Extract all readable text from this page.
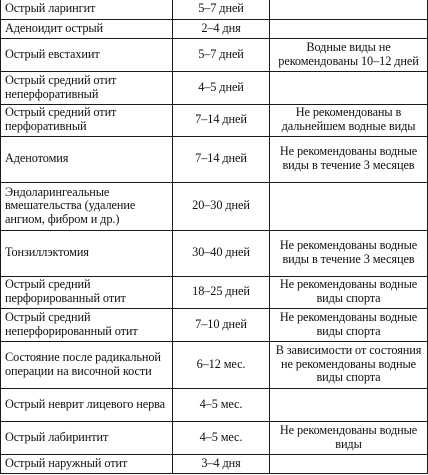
Острый ларингит	5–7 дней	
Аденоидит острый	2–4 дня	
Острый евстахиит	5–7 дней	Водные виды не рекомендованы 10–12 дней
Острый средний отит неперфоративный	4–5 дней	
Острый средний отит перфоративный	7–14 дней	Не рекомендованы в дальнейшем водные виды
Аденотомия	7–14 дней	Не рекомендованы водные виды в течение 3 месяцев
Эндоларингеальные вмешательства (удаление ангиом, фибром и др.)	20–30 дней	
Тонзиллэктомия	30–40 дней	Не рекомендованы водные виды в течение 3 месяцев
Острый средний перфорированный отит	18–25 дней	Не рекомендованы водные виды спорта
Острый средний неперфорированный отит	7–10 дней	Не рекомендованы водные виды спорта
Состояние после радикальной операции на височной кости	6–12 мес.	В зависимости от состояния не рекомендованы водные виды спорта
Острый неврит лицевого нерва	4–5 мес.	
Острый лабиринтит	4–5 мес.	Не рекомендованы водные виды
Острый наружный отит	3–4 дня	
